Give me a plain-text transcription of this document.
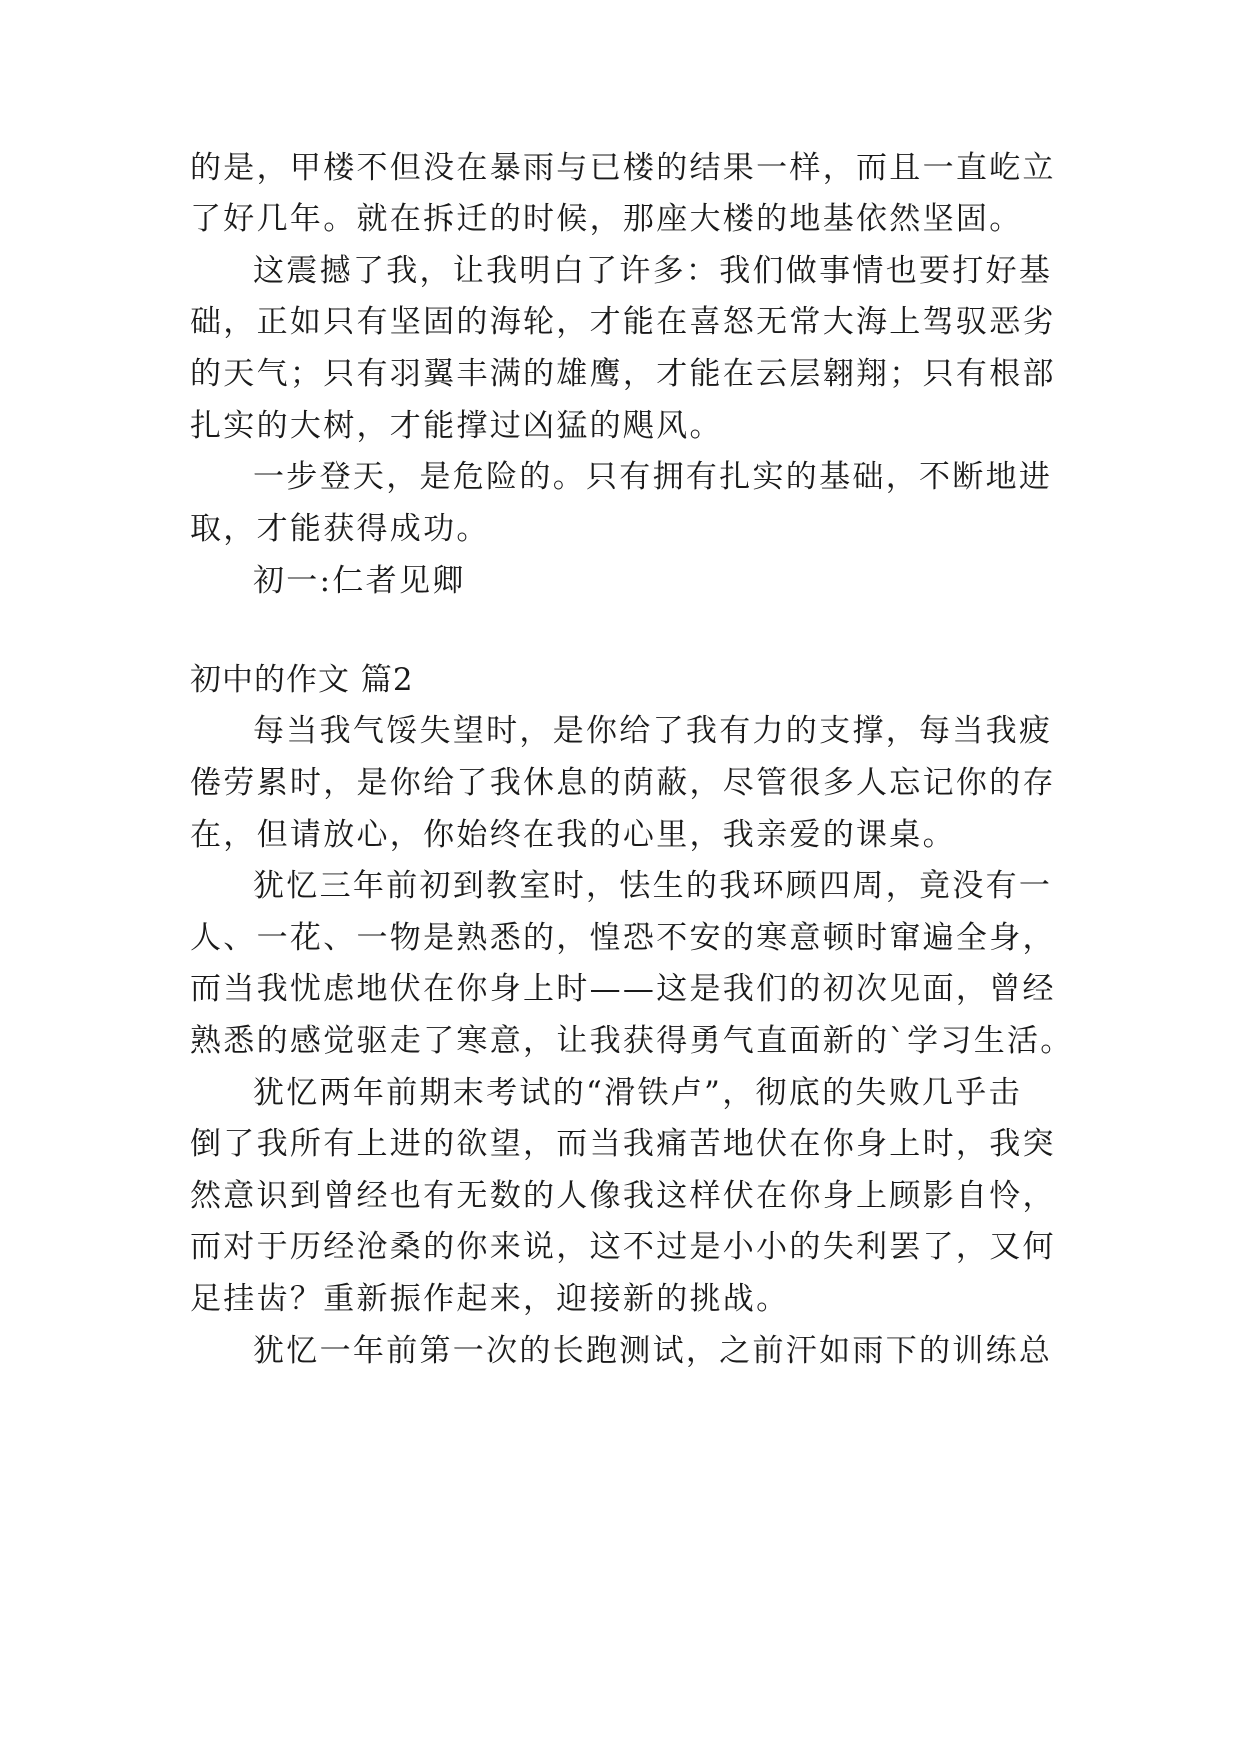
的是，甲楼不但没在暴雨与已楼的结果一样，而且一直屹立
了好几年。就在拆迁的时候，那座大楼的地基依然坚固。
这震撼了我，让我明白了许多：我们做事情也要打好基
础，正如只有坚固的海轮，才能在喜怒无常大海上驾驭恶劣
的天气；只有羽翼丰满的雄鹰，才能在云层翱翔；只有根部
扎实的大树，才能撑过凶猛的飓风。
一步登天，是危险的。只有拥有扎实的基础，不断地进
取，才能获得成功。
初一:仁者见卿
初中的作文 篇2
每当我气馁失望时，是你给了我有力的支撑，每当我疲
倦劳累时，是你给了我休息的荫蔽，尽管很多人忘记你的存
在，但请放心，你始终在我的心里，我亲爱的课桌。
犹忆三年前初到教室时，怯生的我环顾四周，竟没有一
人、一花、一物是熟悉的，惶恐不安的寒意顿时窜遍全身，
而当我忧虑地伏在你身上时——这是我们的初次见面，曾经
熟悉的感觉驱走了寒意，让我获得勇气直面新的`学习生活。
犹忆两年前期末考试的“滑铁卢”，彻底的失败几乎击
倒了我所有上进的欲望，而当我痛苦地伏在你身上时，我突
然意识到曾经也有无数的人像我这样伏在你身上顾影自怜，
而对于历经沧桑的你来说，这不过是小小的失利罢了，又何
足挂齿？重新振作起来，迎接新的挑战。
犹忆一年前第一次的长跑测试，之前汗如雨下的训练总
